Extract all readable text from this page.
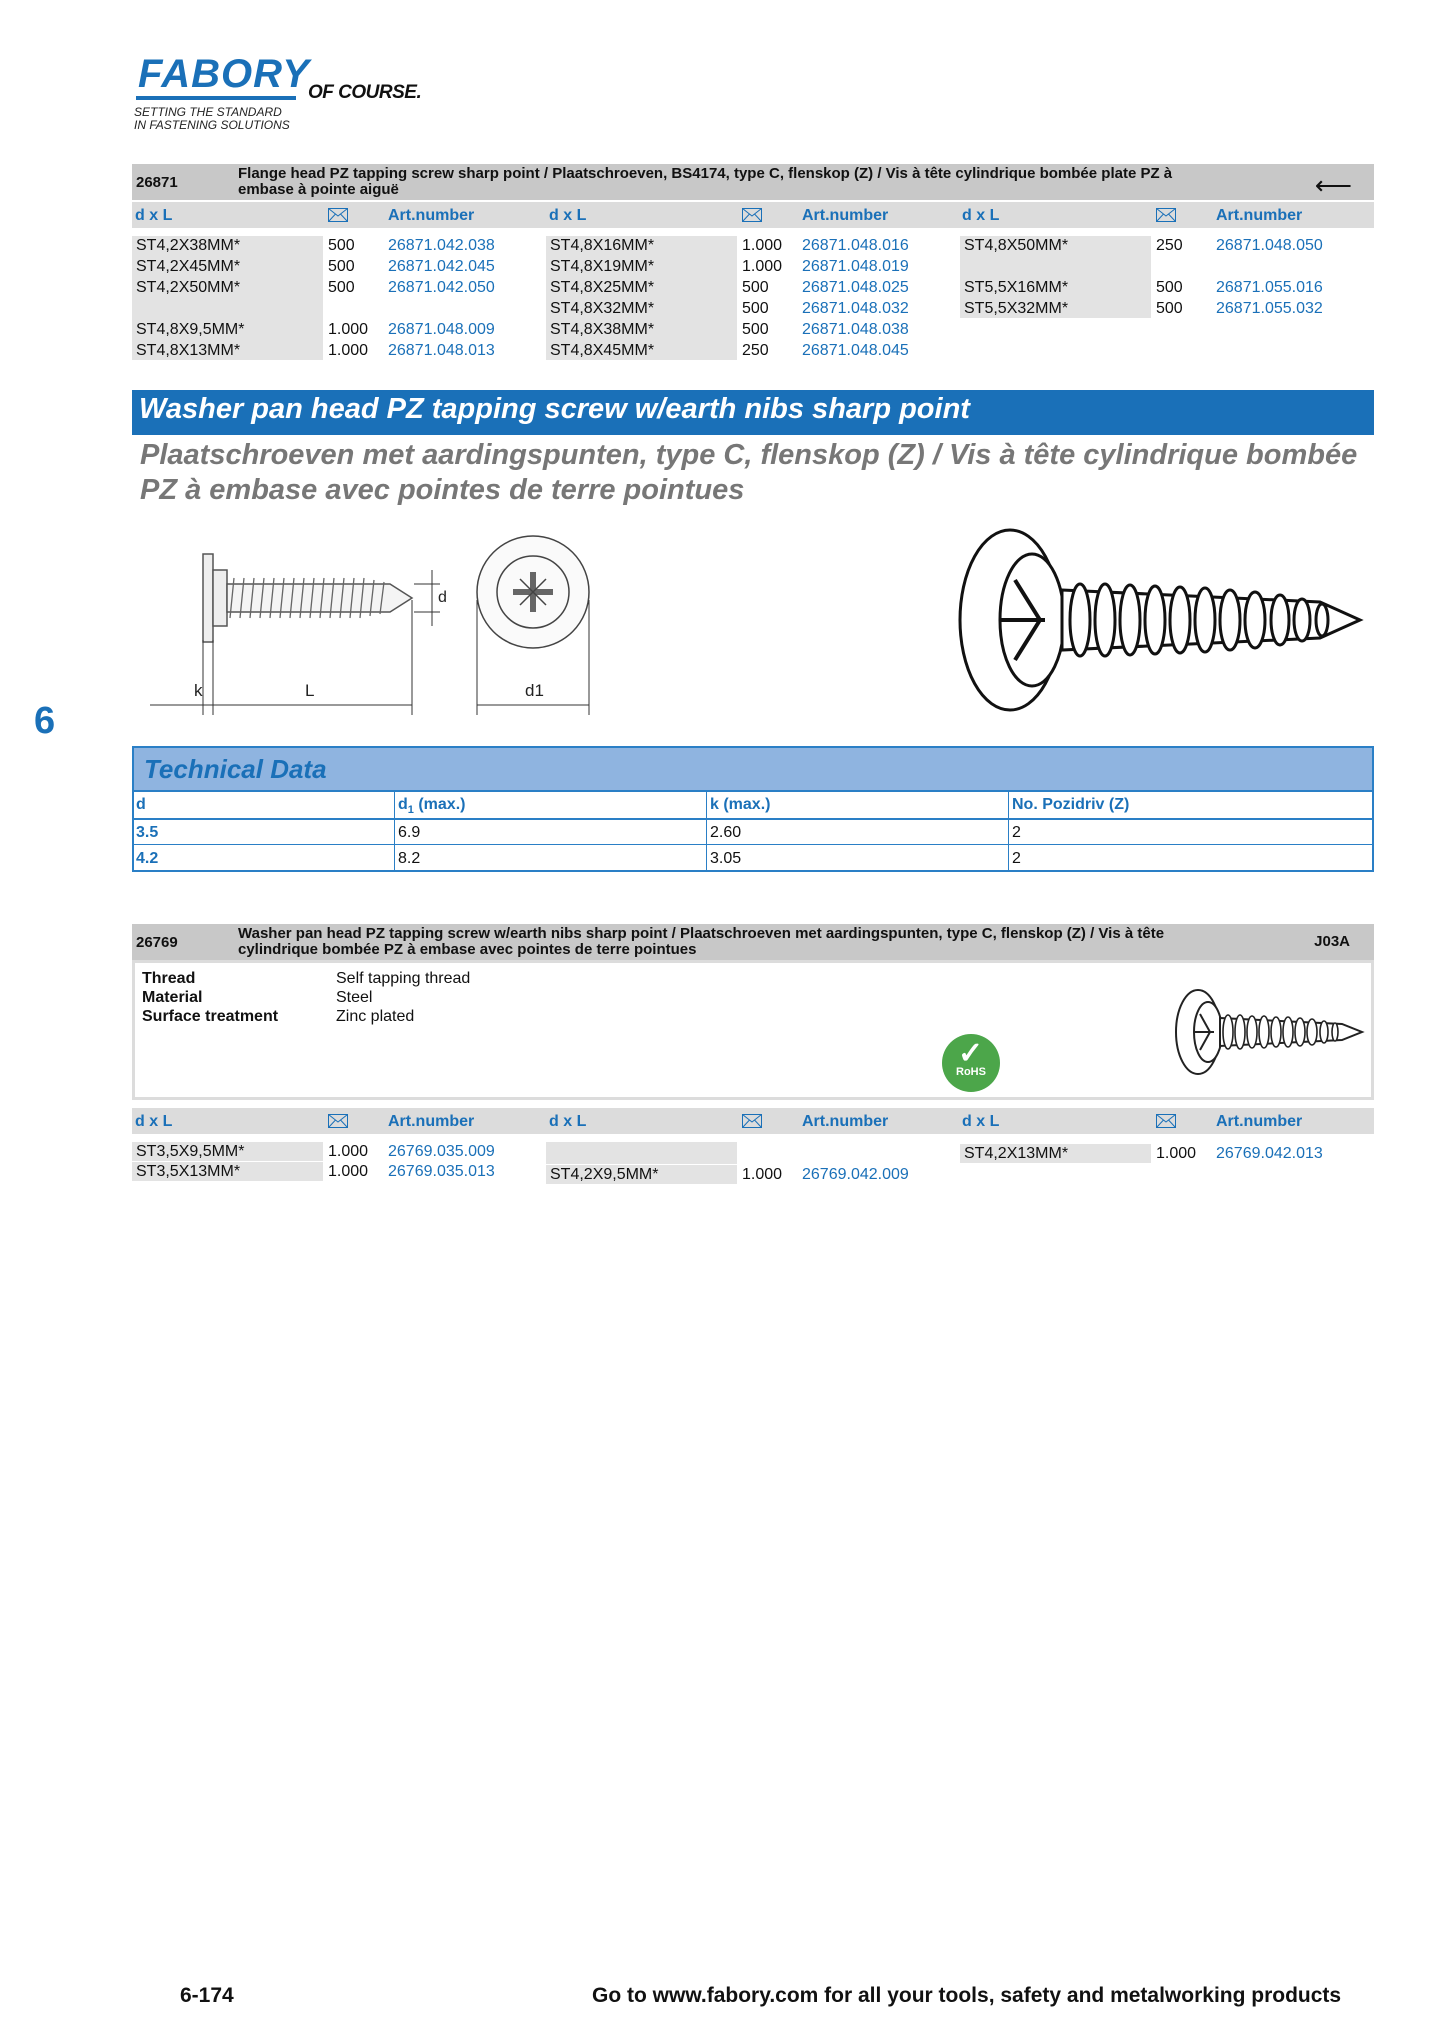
FABORY
OF COURSE.
SETTING THE STANDARD
IN FASTENING SOLUTIONS
26871
Flange head PZ tapping screw sharp point / Plaatschroeven, BS4174, type C, flenskop (Z) / Vis à tête cylindrique bombée plate PZ à
embase à pointe aiguë	⟵
d x L	Art.number	d x L	Art.number	d x L	Art.number
ST4,2X38MM*	500 26871.042.038
ST4,2X45MM*	500 26871.042.045
ST4,2X50MM*	500 26871.042.050
ST4,8X9,5MM*	1.000 26871.048.009
ST4,8X13MM*	1.000 26871.048.013
ST4,8X16MM*	1.000 26871.048.016
ST4,8X19MM*	1.000 26871.048.019
ST4,8X25MM*	500 26871.048.025
ST4,8X32MM*	500 26871.048.032
ST4,8X38MM*	500 26871.048.038
ST4,8X45MM*	250 26871.048.045
ST4,8X50MM*	250 26871.048.050
ST5,5X16MM*	500 26871.055.016
ST5,5X32MM*	500 26871.055.032
Washer pan head PZ tapping screw w/earth nibs sharp point
Plaatschroeven met aardingspunten, type C, flenskop (Z) / Vis à tête cylindrique bombée PZ à embase avec pointes de terre pointues
k	L
d
d1
6
Technical Data
d	$d_1$ (max.)	k (max.)	No. Pozidriv (Z)
3.5	6.9	2.60	2
4.2	8.2	3.05	2
26769
Washer pan head PZ tapping screw w/earth nibs sharp point / Plaatschroeven met aardingspunten, type C, flenskop (Z) / Vis à tête
cylindrique bombée PZ à embase avec pointes de terre pointues	J03A
Thread	Self tapping thread
Material	Steel
Surface treatment	Zinc plated
✓
RoHS
d x L	Art.number	d x L	Art.number	d x L	Art.number
ST3,5X9,5MM*	1.000 26769.035.009
ST3,5X13MM*	1.000 26769.035.013	ST4,2X9,5MM*	1.000 26769.042.009
ST4,2X13MM*	1.000 26769.042.013
6-174	Go to www.fabory.com for all your tools, safety and metalworking products
